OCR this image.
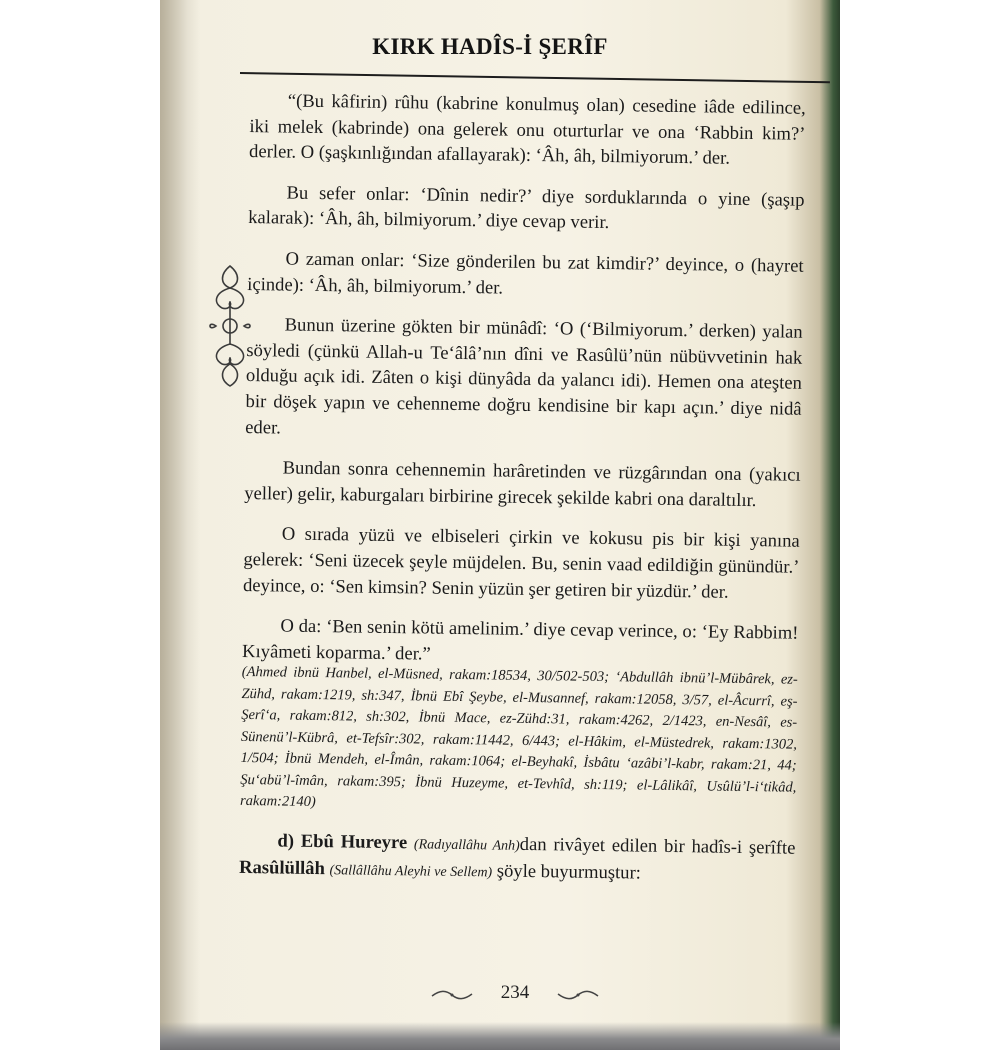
KIRK HADÎS-İ ŞERÎF

“(Bu kâfirin) rûhu (kabrine konulmuş olan) cesedine iâde edilince, iki melek (kabrinde) ona gelerek onu oturturlar ve ona ‘Rabbin kim?’ derler. O (şaşkınlığından afallayarak): ‘Âh, âh, bilmiyorum.’ der.

Bu sefer onlar: ‘Dînin nedir?’ diye sorduklarında o yine (şaşıp kalarak): ‘Âh, âh, bilmiyorum.’ diye cevap verir.

O zaman onlar: ‘Size gönderilen bu zat kimdir?’ deyince, o (hayret içinde): ‘Âh, âh, bilmiyorum.’ der.

Bunun üzerine gökten bir münâdî: ‘O (‘Bilmiyorum.’ derken) yalan söyledi (çünkü Allah-u Te‘âlâ’nın dîni ve Rasûlü’nün nübüvvetinin hak olduğu açık idi. Zâten o kişi dünyâda da yalancı idi). Hemen ona ateşten bir döşek yapın ve cehenneme doğru kendisine bir kapı açın.’ diye nidâ eder.

Bundan sonra cehennemin harâretinden ve rüzgârından ona (yakıcı yeller) gelir, kaburgaları birbirine girecek şekilde kabri ona daraltılır.

O sırada yüzü ve elbiseleri çirkin ve kokusu pis bir kişi yanına gelerek: ‘Seni üzecek şeyle müjdelen. Bu, senin vaad edildiğin günündür.’ deyince, o: ‘Sen kimsin? Senin yüzün şer getiren bir yüzdür.’ der.

O da: ‘Ben senin kötü amelinim.’ diye cevap verince, o: ‘Ey Rabbim! Kıyâmeti koparma.’ der.”

(Ahmed ibnü Hanbel, el-Müsned, rakam:18534, 30/502-503; ‘Abdullâh ibnü’l-Mübârek, ez-Zühd, rakam:1219, sh:347, İbnü Ebî Şeybe, el-Musannef, rakam:12058, 3/57, el-Âcurrî, eş-Şerî‘a, rakam:812, sh:302, İbnü Mace, ez-Zühd:31, rakam:4262, 2/1423, en-Nesâî, es-Sünenü’l-Kübrâ, et-Tefsîr:302, rakam:11442, 6/443; el-Hâkim, el-Müstedrek, rakam:1302, 1/504; İbnü Mendeh, el-Îmân, rakam:1064; el-Beyhakî, İsbâtu ‘azâbi’l-kabr, rakam:21, 44; Şu‘abü’l-îmân, rakam:395; İbnü Huzeyme, et-Tevhîd, sh:119; el-Lâlikâî, Usûlü’l-i‘tikâd, rakam:2140)

d) Ebû Hureyre (Radıyallâhu Anh)dan rivâyet edilen bir hadîs-i şerîfte Rasûlüllâh (Sallâllâhu Aleyhi ve Sellem) şöyle buyurmuştur:

234
